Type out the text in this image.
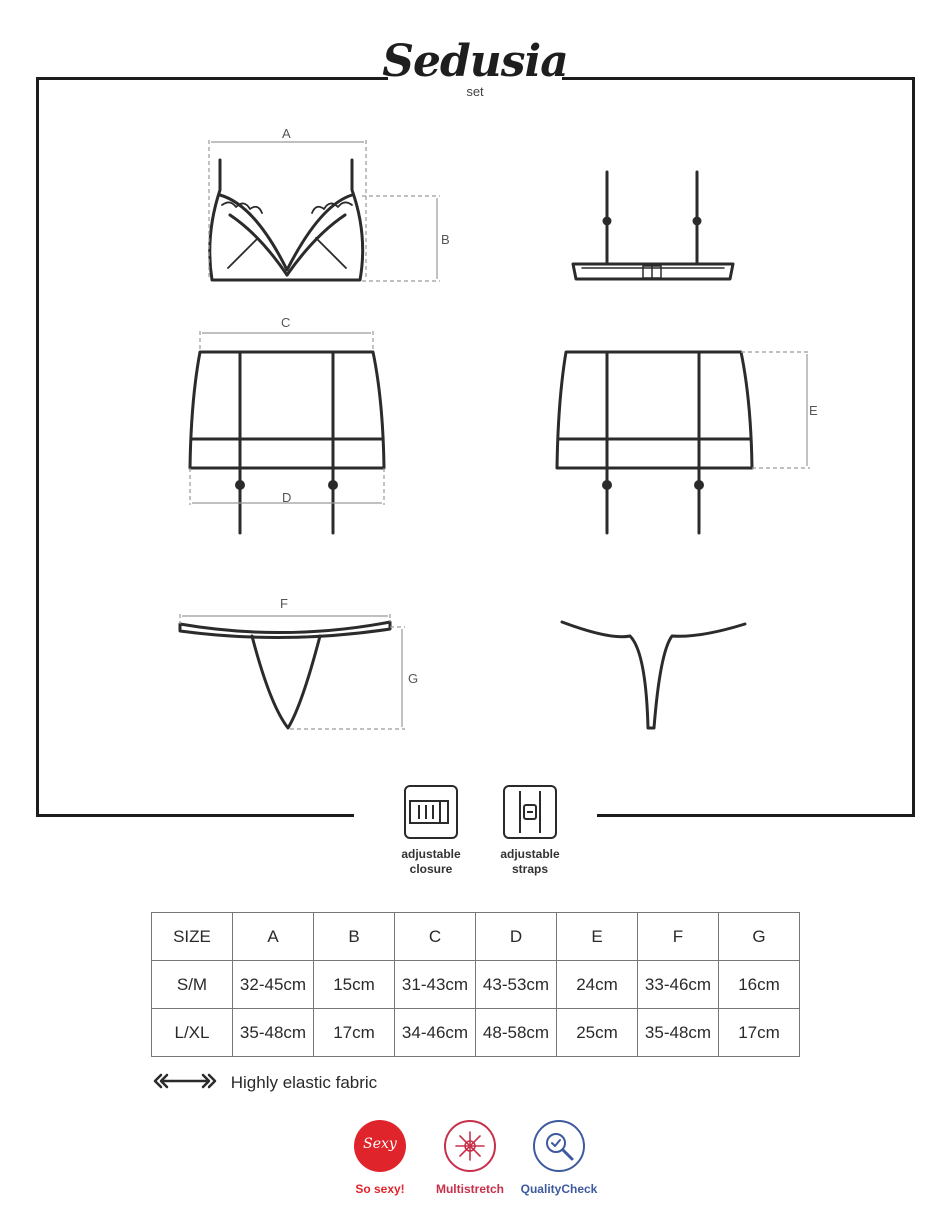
Sedusia
set
A
B
C
D
E
F
G
adjustable
closure
adjustable
straps
SIZE	A	B	C	D	E	F	G
S/M	32-45cm	15cm	31-43cm	43-53cm	24cm	33-46cm	16cm
L/XL	35-48cm	17cm	34-46cm	48-58cm	25cm	35-48cm	17cm
Highly elastic fabric
Sexy
So sexy!	Multistretch	QualityCheck
